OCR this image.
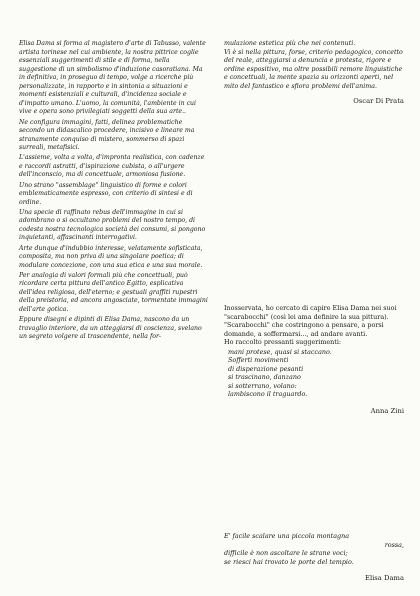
Elisa Dama si forma al magistero d'arte di Tabusso, valente artista torinese nel cui ambiente, la nostra pittrice coglie essenziali suggerimenti di stile e di forma, nella suggestione di un simbolismo d'induzione casoratiana. Ma in definitiva, in proseguo di tempo, volge a ricerche più personalizzate, in rapporto e in sintonia a situazioni e momenti esistenziali e culturali, d'incidenza sociale e d'impatto umano. L'uomo, la comunità, l'ambiente in cui vive e opera sono privilegiati soggetti della sua arte..

Ne configura immagini, fatti, delinea problematiche secondo un didascalico procedere, incisivo e lineare ma stranamente conquiso di mistero, sommerso di spazi surreali, metafisici.

L'assieme, volta a volta, d'impronta realistica, con cadenze e raccordi astratti, d'ispirazione cubista, o all'urgere dell'inconscio, ma di concettuale, armoniosa fusione.

Uno strano "assemblage" linguistico di forme e colori emblematicamente espresso, con criterio di sintesi e di ordine.

Una specie di raffinato rebus dell'immagine in cui si adombrano o si occultano problemi del nostro tempo, di codesta nostra tecnologica società dei consumi, si pongono inquietanti, affascinanti interrogativi.

Arte dunque d'indubbio interesse, velatamente sofisticata, composita, ma non priva di una singolare poetica; di modulare concezione, con una sua etica e una sua morale.

Per analogia di valori formali più che concettuali, può ricordare certa pittura dell'antico Egitto, esplicativa dell'idea religiosa, dell'eterno; e gestuali graffiti rupestri della preistoria, ed ancora angosciate, tormentate immagini dell'arte gotica.

Eppure disegni e dipinti di Elisa Dama, nascono da un travaglio interiore, da un atteggiarsi di coscienza, svelano un segreto volgere al trascendente, nella for-

mulazione estetica più che nei contenuti.

Vi è si nella pittura, forse, criterio pedagogico, concetto del reale, atteggiarsi a denuncia e protesta, rigore e ordine espositivo, ma oltre possibili remore linguistiche e concettuali, la mente spazia su orizzonti aperti, nel mito del fantastico e sfiora problemi dell'anima.

Oscar Di Prata

Inosservata, ho cercato di capire Elisa Dama nei suoi "scarabocchi" (così lei ama definire la sua pittura).

"Scarabocchi" che costringono a pensare, a porsi domande, a soffermarsi..., ad andare avanti.

Ho raccolto pressanti suggerimenti:

mani protese, quasi si staccano.
Sofferti movimenti
di disperazione pesanti
si trascinano, danzano
si sotterrano, volano:
lambiscono il traguardo.
Anna Zini

E' facile scalare una piccola montagna

rossa,

difficile è non ascoltare le strane voci;

se riesci hai trovato le porte del tempio.

Elisa Dama
